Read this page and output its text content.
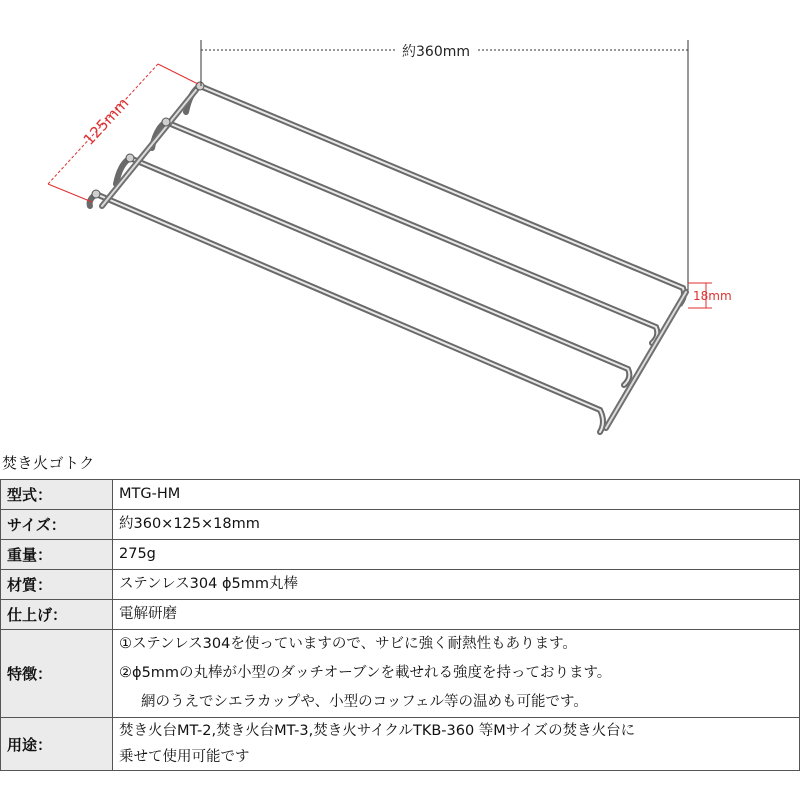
約360mm
125mm
18mm
焚き火ゴトク
型式：	MTG-HM

サイズ：	約360×125×18mm

重量：	275g

材質：	ステンレス304 ϕ5mm丸棒

仕上げ：	電解研磨

特徴：	①ステンレス304を使っていますので、サビに強く耐熱性もあります。
②ϕ5mmの丸棒が小型のダッチオーブンを載せれる強度を持っております。
網のうえでシエラカップや、小型のコッフェル等の温めも可能です。

用途：	焚き火台MT-2,焚き火台MT-3,焚き火サイクルTKB-360 等Mサイズの焚き火台に
乗せて使用可能です
